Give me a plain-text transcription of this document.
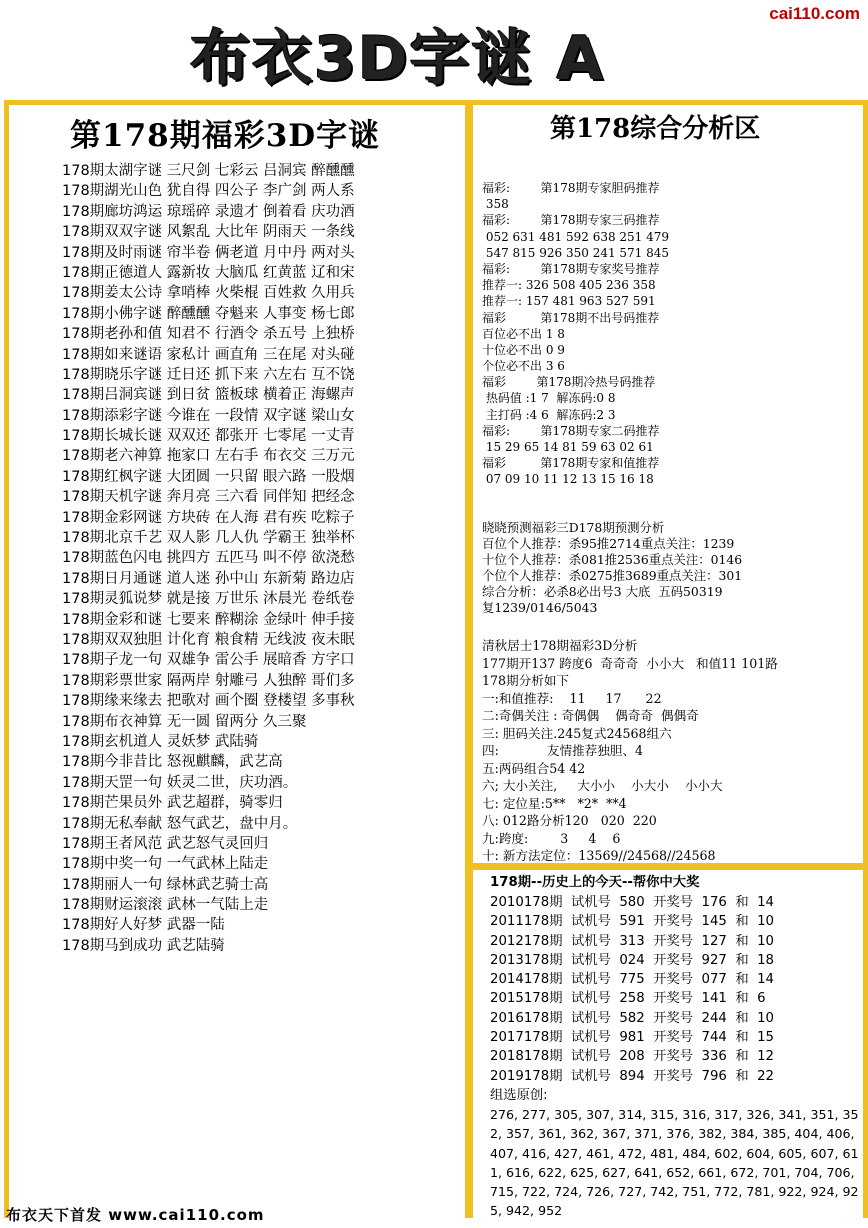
cai110.com
布衣3D字谜 A
第178期福彩3D字谜
178期太湖字谜 三尺剑 七彩云 吕洞宾 醉醺醺
178期湖光山色 犹自得 四公子 李广剑 两人系
178期廊坊鸿运 琼瑶碎 录遗才 倒着看 庆功酒
178期双双字谜 风絮乱 大比年 阴雨天 一条线
178期及时雨谜 帘半卷 俩老道 月中丹 两对头
178期正德道人 露新妆 大脑瓜 红黄蓝 辽和宋
178期姜太公诗 拿哨棒 火柴棍 百姓救 久用兵
178期小佛字谜 醉醺醺 夺魁来 人事变 杨七郎
178期老孙和值 知君不 行酒令 杀五号 上独桥
178期如来谜语 家私计 画直角 三在尾 对头碰
178期晓乐字谜 迁日还 抓下来 六左右 互不饶
178期吕洞宾谜 到日贫 篮板球 横着正 海螺声
178期添彩字谜 今谁在 一段情 双字谜 梁山女
178期长城长谜 双双还 都张开 七零尾 一丈青
178期老六神算 拖家口 左右手 布衣交 三万元
178期红枫字谜 大团圆 一只留 眼六路 一股烟
178期天机字谜 奔月亮 三六看 同伴知 把经念
178期金彩网谜 方块砖 在人海 君有疾 吃粽子
178期北京千艺 双人影 几人仇 学霸王 独举杯
178期蓝色闪电 挑四方 五匹马 叫不停 欲浇愁
178期日月通谜 道人迷 孙中山 东新菊 路边店
178期灵狐说梦 就是接 万世乐 沐晨光 卷纸卷
178期金彩和谜 七要来 醉糊涂 金绿叶 伸手接
178期双双独胆 计化育 粮食精 无线波 夜未眠
178期子龙一句 双雄争 雷公手 展暗香 方字口
178期彩票世家 隔两岸 射雕弓 人独醉 哥们多
178期缘来缘去 把歌对 画个圈 登楼望 多事秋
178期布衣神算 无一圆 留两分 久三聚
178期玄机道人 灵妖梦 武陆骑
178期今非昔比 怒视麒麟，武艺高
178期天罡一句 妖灵二世，庆功酒。
178期芒果员外 武艺超群，骑零归
178期无私奉献 怒气武艺，盘中月。
178期王者风范 武艺怒气灵回归
178期中奖一句 一气武林上陆走
178期丽人一句 绿林武艺骑士高
178期财运滚滚 武林一气陆上走
178期好人好梦 武器一陆
178期马到成功 武艺陆骑
第178综合分析区
福彩:        第178期专家胆码推荐
358
福彩:        第178期专家三码推荐
052 631 481 592 638 251 479
547 815 926 350 241 571 845
福彩:        第178期专家奖号推荐
推荐一: 326 508 405 236 358
推荐一: 157 481 963 527 591
福彩         第178期不出号码推荐
百位必不出 1 8
十位必不出 0 9
个位必不出 3 6
福彩        第178期冷热号码推荐
热码值 :1 7  解冻码:0 8
主打码 :4 6  解冻码:2 3
福彩:        第178期专家二码推荐
15 29 65 14 81 59 63 02 61
福彩         第178期专家和值推荐
07 09 10 11 12 13 15 16 18
晓晓预测福彩三D178期预测分析
百位个人推荐：杀95推2714重点关注：1239
十位个人推荐：杀081推2536重点关注：0146
个位个人推荐：杀0275推3689重点关注：301
综合分析：必杀8必出号3 大底  五码50319
复1239/0146/5043
清秋居士178期福彩3D分析
177期开137 跨度6  奇奇奇  小小大   和值11 101路
178期分析如下
一:和值推荐:    11     17      22
二:奇偶关注 : 奇偶偶    偶奇奇  偶偶奇
三: 胆码关注.245复式24568组六
四:            友情推荐独胆、4
五:两码组合54 42
六; 大小关注,     大小小    小大小    小小大
七: 定位星:5**   *2*  **4
八: 012路分析120   020  220
九:跨度:        3     4    6
十: 新方法定位：13569//24568//24568
178期--历史上的今天--帮你中大奖
2010178期  试机号  580  开奖号  176  和  14
2011178期  试机号  591  开奖号  145  和  10
2012178期  试机号  313  开奖号  127  和  10
2013178期  试机号  024  开奖号  927  和  18
2014178期  试机号  775  开奖号  077  和  14
2015178期  试机号  258  开奖号  141  和  6
2016178期  试机号  582  开奖号  244  和  10
2017178期  试机号  981  开奖号  744  和  15
2018178期  试机号  208  开奖号  336  和  12
2019178期  试机号  894  开奖号  796  和  22
组选原创:
276, 277, 305, 307, 314, 315, 316, 317, 326, 341, 351, 352, 357, 361, 362, 367, 371, 376, 382, 384, 385, 404, 406, 407, 416, 427, 461, 472, 481, 484, 602, 604, 605, 607, 611, 616, 622, 625, 627, 641, 652, 661, 672, 701, 704, 706, 715, 722, 724, 726, 727, 742, 751, 772, 781, 922, 924, 925, 942, 952
布衣天下首发 www.cai110.com
